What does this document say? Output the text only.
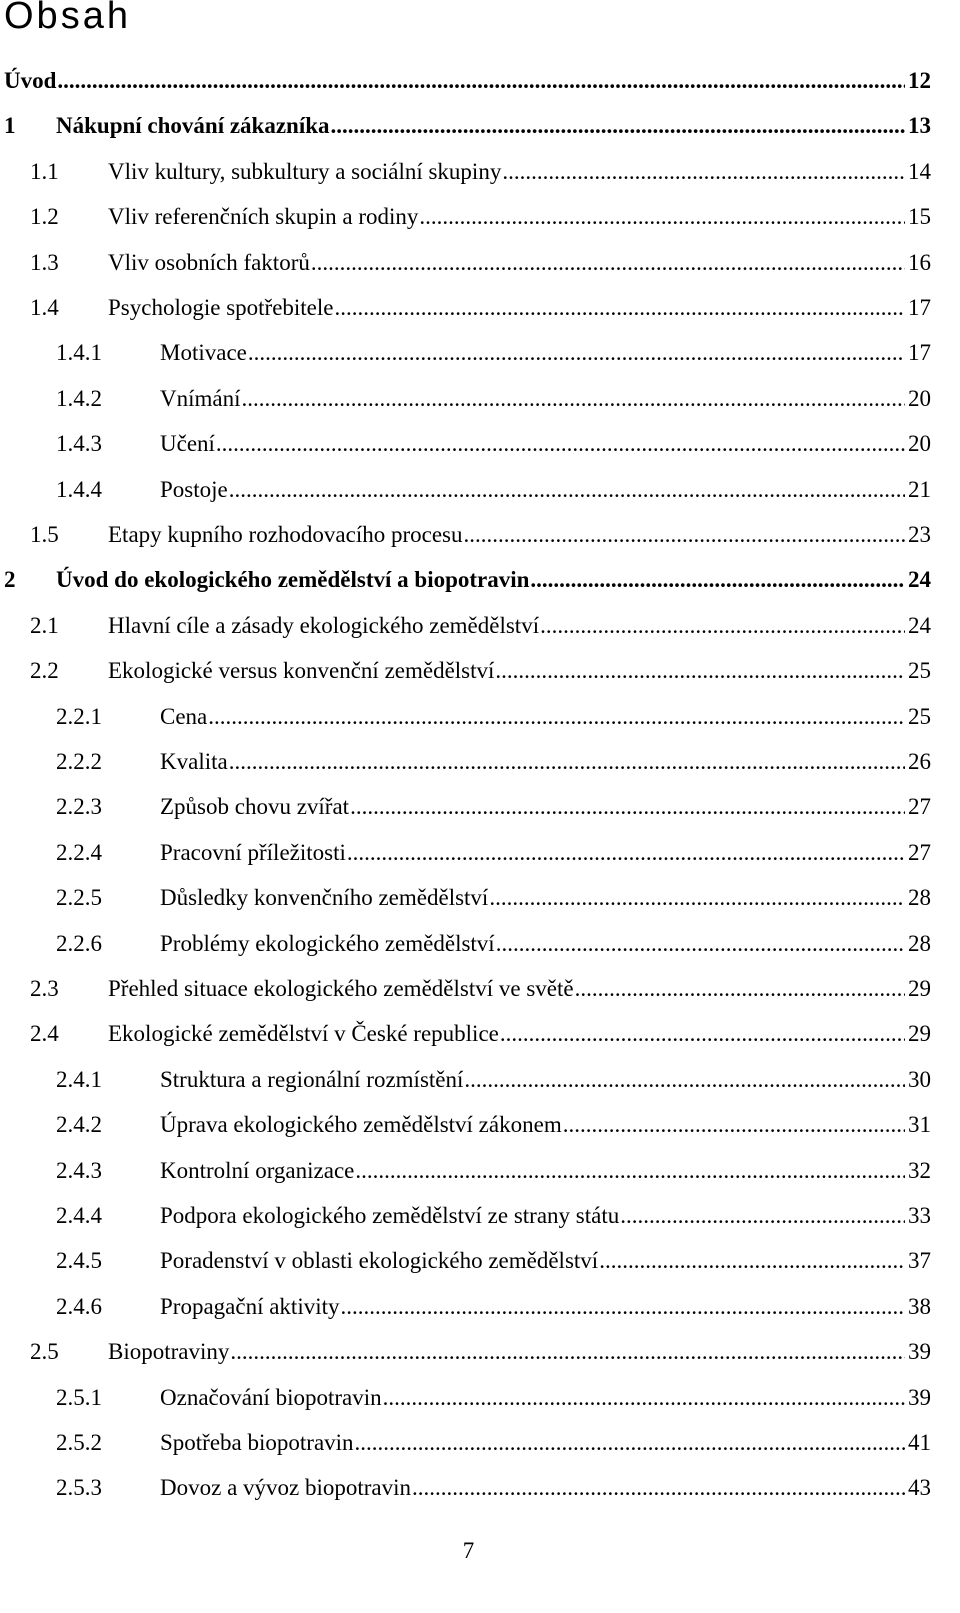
Obsah
Úvod .....	12
1	Nákupní chování zákazníka .....	13
1.1	Vliv kultury, subkultury a sociální skupiny .....	14
1.2	Vliv referenčních skupin a rodiny .....	15
1.3	Vliv osobních faktorů .....	16
1.4	Psychologie spotřebitele .....	17
1.4.1	Motivace .....	17
1.4.2	Vnímání .....	20
1.4.3	Učení .....	20
1.4.4	Postoje .....	21
1.5	Etapy kupního rozhodovacího procesu .....	23
2	Úvod do ekologického zemědělství a biopotravin .....	24
2.1	Hlavní cíle a zásady ekologického zemědělství .....	24
2.2	Ekologické versus konvenční zemědělství .....	25
2.2.1	Cena .....	25
2.2.2	Kvalita .....	26
2.2.3	Způsob chovu zvířat .....	27
2.2.4	Pracovní příležitosti .....	27
2.2.5	Důsledky konvenčního zemědělství .....	28
2.2.6	Problémy ekologického zemědělství .....	28
2.3	Přehled situace ekologického zemědělství ve světě .....	29
2.4	Ekologické zemědělství v České republice .....	29
2.4.1	Struktura a regionální rozmístění .....	30
2.4.2	Úprava ekologického zemědělství zákonem .....	31
2.4.3	Kontrolní organizace .....	32
2.4.4	Podpora ekologického zemědělství ze strany státu .....	33
2.4.5	Poradenství v oblasti ekologického zemědělství .....	37
2.4.6	Propagační aktivity .....	38
2.5	Biopotraviny .....	39
2.5.1	Označování biopotravin .....	39
2.5.2	Spotřeba biopotravin .....	41
2.5.3	Dovoz a vývoz biopotravin .....	43
7
